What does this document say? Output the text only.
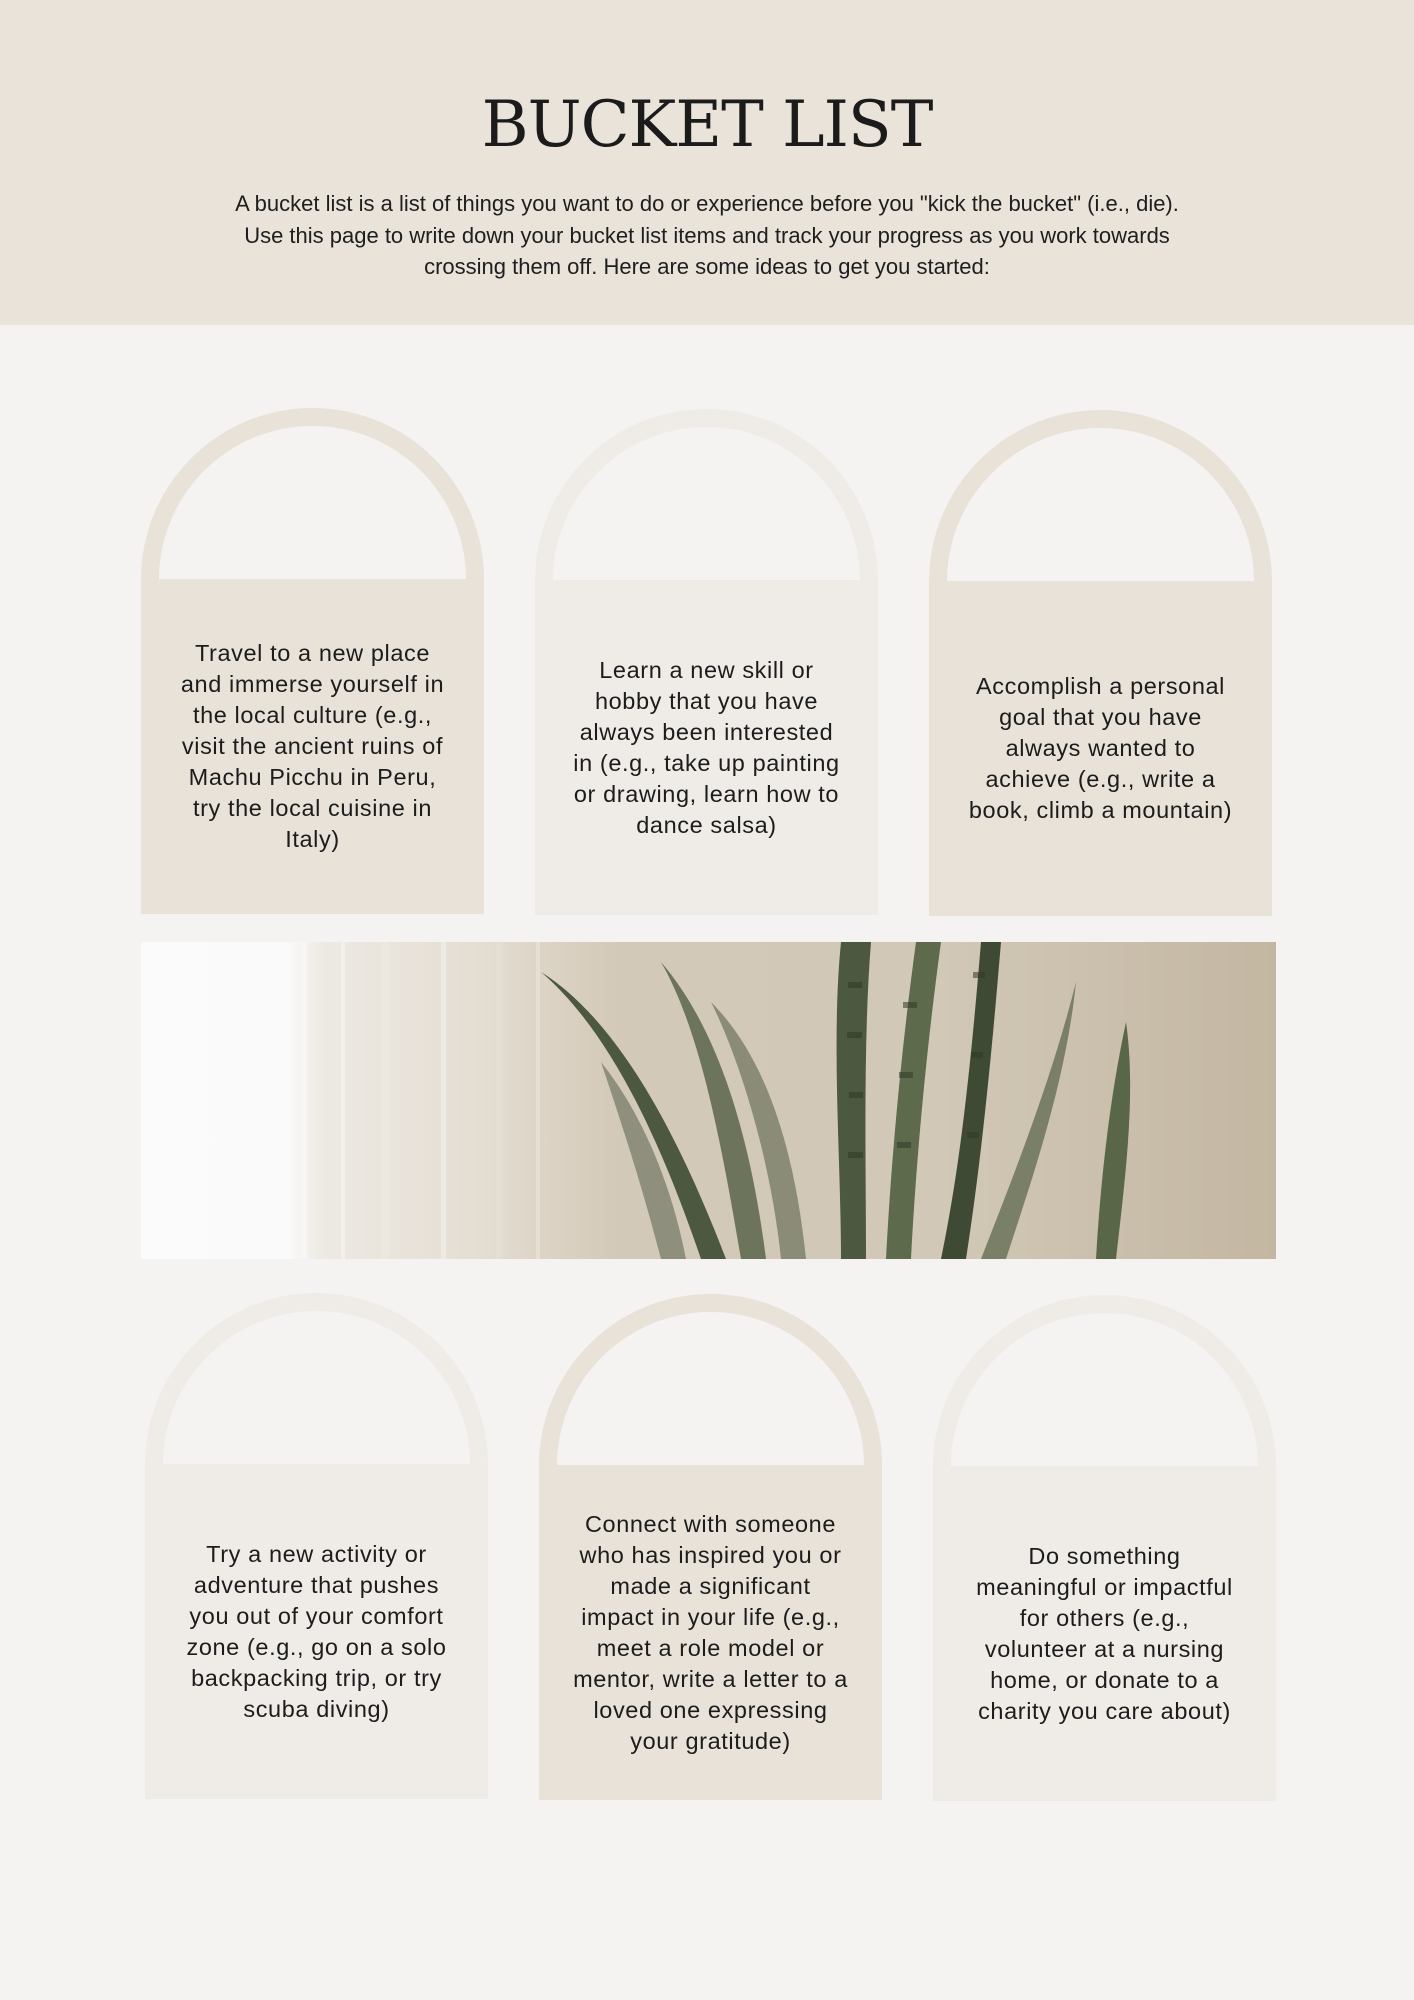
BUCKET LIST

A bucket list is a list of things you want to do or experience before you "kick the bucket" (i.e., die). Use this page to write down your bucket list items and track your progress as you work towards crossing them off. Here are some ideas to get you started:

Travel to a new place and immerse yourself in the local culture (e.g., visit the ancient ruins of Machu Picchu in Peru, try the local cuisine in Italy)

Learn a new skill or hobby that you have always been interested in (e.g., take up painting or drawing, learn how to dance salsa)

Accomplish a personal goal that you have always wanted to achieve (e.g., write a book, climb a mountain)

Try a new activity or adventure that pushes you out of your comfort zone (e.g., go on a solo backpacking trip, or try scuba diving)

Connect with someone who has inspired you or made a significant impact in your life (e.g., meet a role model or mentor, write a letter to a loved one expressing your gratitude)

Do something meaningful or impactful for others (e.g., volunteer at a nursing home, or donate to a charity you care about)
